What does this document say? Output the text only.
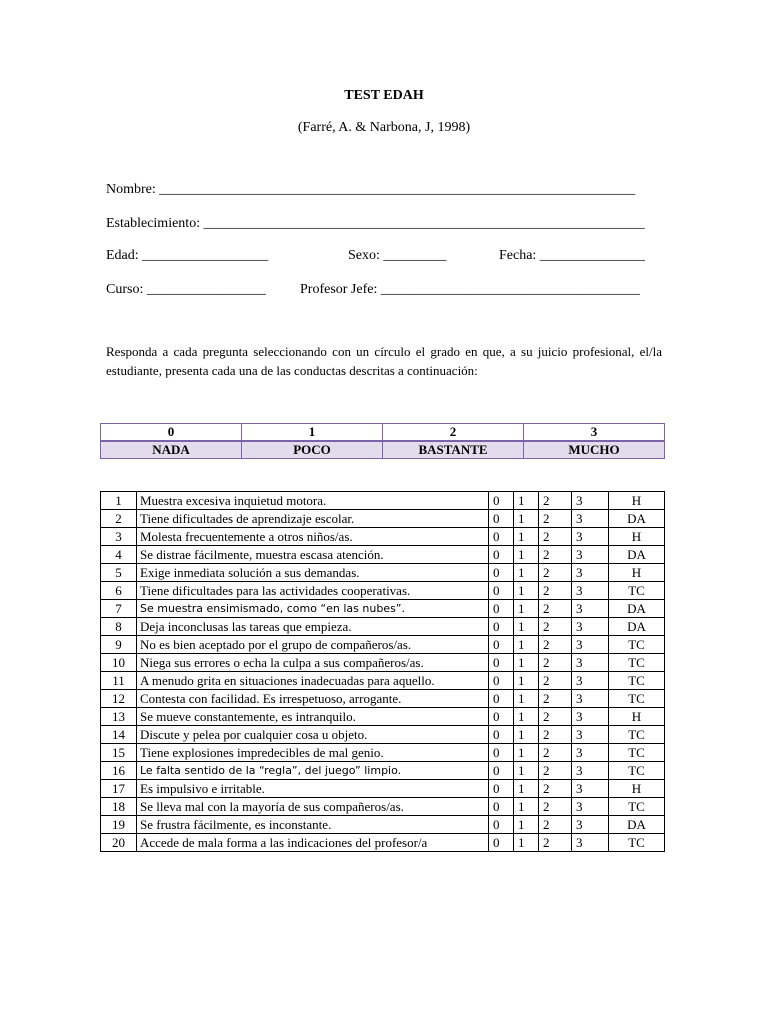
TEST EDAH
(Farré, A. & Narbona, J, 1998)
Nombre: ____________________________________________________________________
Establecimiento: _______________________________________________________________
Edad: __________________	Sexo: _________	Fecha: _______________
Curso: _________________ Profesor Jefe: _____________________________________
Responda a cada pregunta seleccionando con un círculo el grado en que, a su juicio profesional, el/la estudiante, presenta cada una de las conductas descritas a continuación:
0	1	2	3
NADA	POCO	BASTANTE	MUCHO
1	Muestra excesiva inquietud motora.	0	1	2	3	H
2	Tiene dificultades de aprendizaje escolar.	0	1	2	3	DA
3	Molesta frecuentemente a otros niños/as.	0	1	2	3	H
4	Se distrae fácilmente, muestra escasa atención.	0	1	2	3	DA
5	Exige inmediata solución a sus demandas.	0	1	2	3	H
6	Tiene dificultades para las actividades cooperativas.	0	1	2	3	TC
7	Se muestra ensimismado, como “en las nubes”.	0	1	2	3	DA
8	Deja inconclusas las tareas que empieza.	0	1	2	3	DA
9	No es bien aceptado por el grupo de compañeros/as.	0	1	2	3	TC
10	Niega sus errores o echa la culpa a sus compañeros/as.	0	1	2	3	TC
11	A menudo grita en situaciones inadecuadas para aquello.	0	1	2	3	TC
12	Contesta con facilidad. Es irrespetuoso, arrogante.	0	1	2	3	TC
13	Se mueve constantemente, es intranquilo.	0	1	2	3	H
14	Discute y pelea por cualquier cosa u objeto.	0	1	2	3	TC
15	Tiene explosiones impredecibles de mal genio.	0	1	2	3	TC
16	Le falta sentido de la “regla”, del juego” limpio.	0	1	2	3	TC
17	Es impulsivo e irritable.	0	1	2	3	H
18	Se lleva mal con la mayoría de sus compañeros/as.	0	1	2	3	TC
19	Se frustra fácilmente, es inconstante.	0	1	2	3	DA
20	Accede de mala forma a las indicaciones del profesor/a	0	1	2	3	TC
